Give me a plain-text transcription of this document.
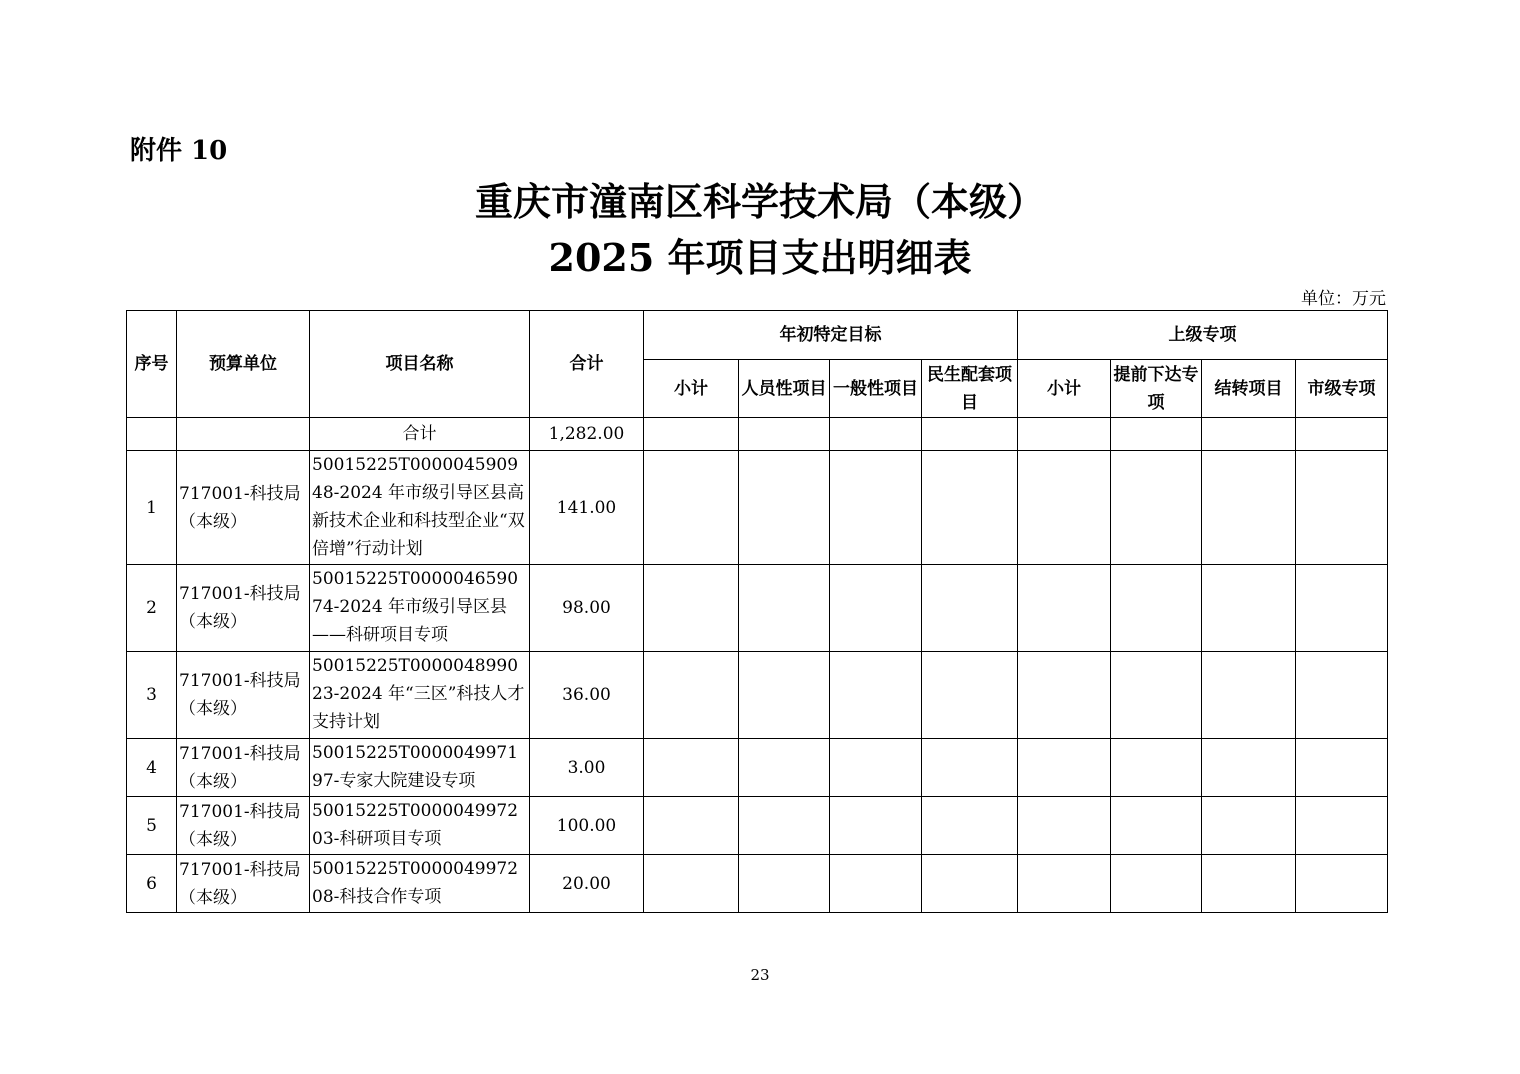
附件 10
重庆市潼南区科学技术局（本级）
2025 年项目支出明细表
单位：万元
序号	预算单位	项目名称	合计	年初特定目标				上级专项			
				小计	人员性项目	一般性项目	民生配套项目	小计	提前下达专项	结转项目	市级专项
		合计	1,282.00								
1	717001-科技局（本级）	50015225T000004590948-2024 年市级引导区县高新技术企业和科技型企业“双倍增”行动计划	141.00								
2	717001-科技局（本级）	50015225T000004659074-2024 年市级引导区县——科研项目专项	98.00								
3	717001-科技局（本级）	50015225T000004899023-2024 年“三区”科技人才支持计划	36.00								
4	717001-科技局（本级）	50015225T000004997197-专家大院建设专项	3.00								
5	717001-科技局（本级）	50015225T000004997203-科研项目专项	100.00								
6	717001-科技局（本级）	50015225T000004997208-科技合作专项	20.00								
23
